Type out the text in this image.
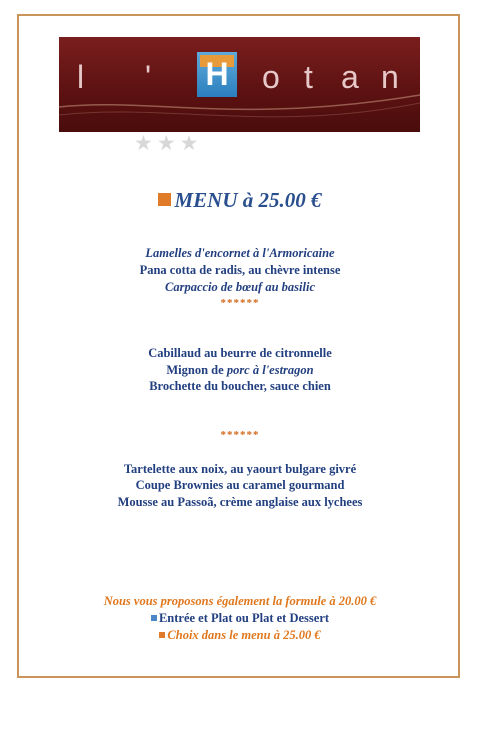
l ' H o t a n
★★★
MENU à 25.00 €
Lamelles d'encornet à l'Armoricaine
Pana cotta de radis, au chèvre intense
Carpaccio de bœuf au basilic
******
Cabillaud au beurre de citronnelle
Mignon de porc à l'estragon
Brochette du boucher, sauce chien
******
Tartelette aux noix, au yaourt bulgare givré
Coupe Brownies au caramel gourmand
Mousse au Passoã, crème anglaise aux lychees
Nous vous proposons également la formule à 20.00 €
Entrée et Plat ou Plat et Dessert
Choix dans le menu à 25.00 €
